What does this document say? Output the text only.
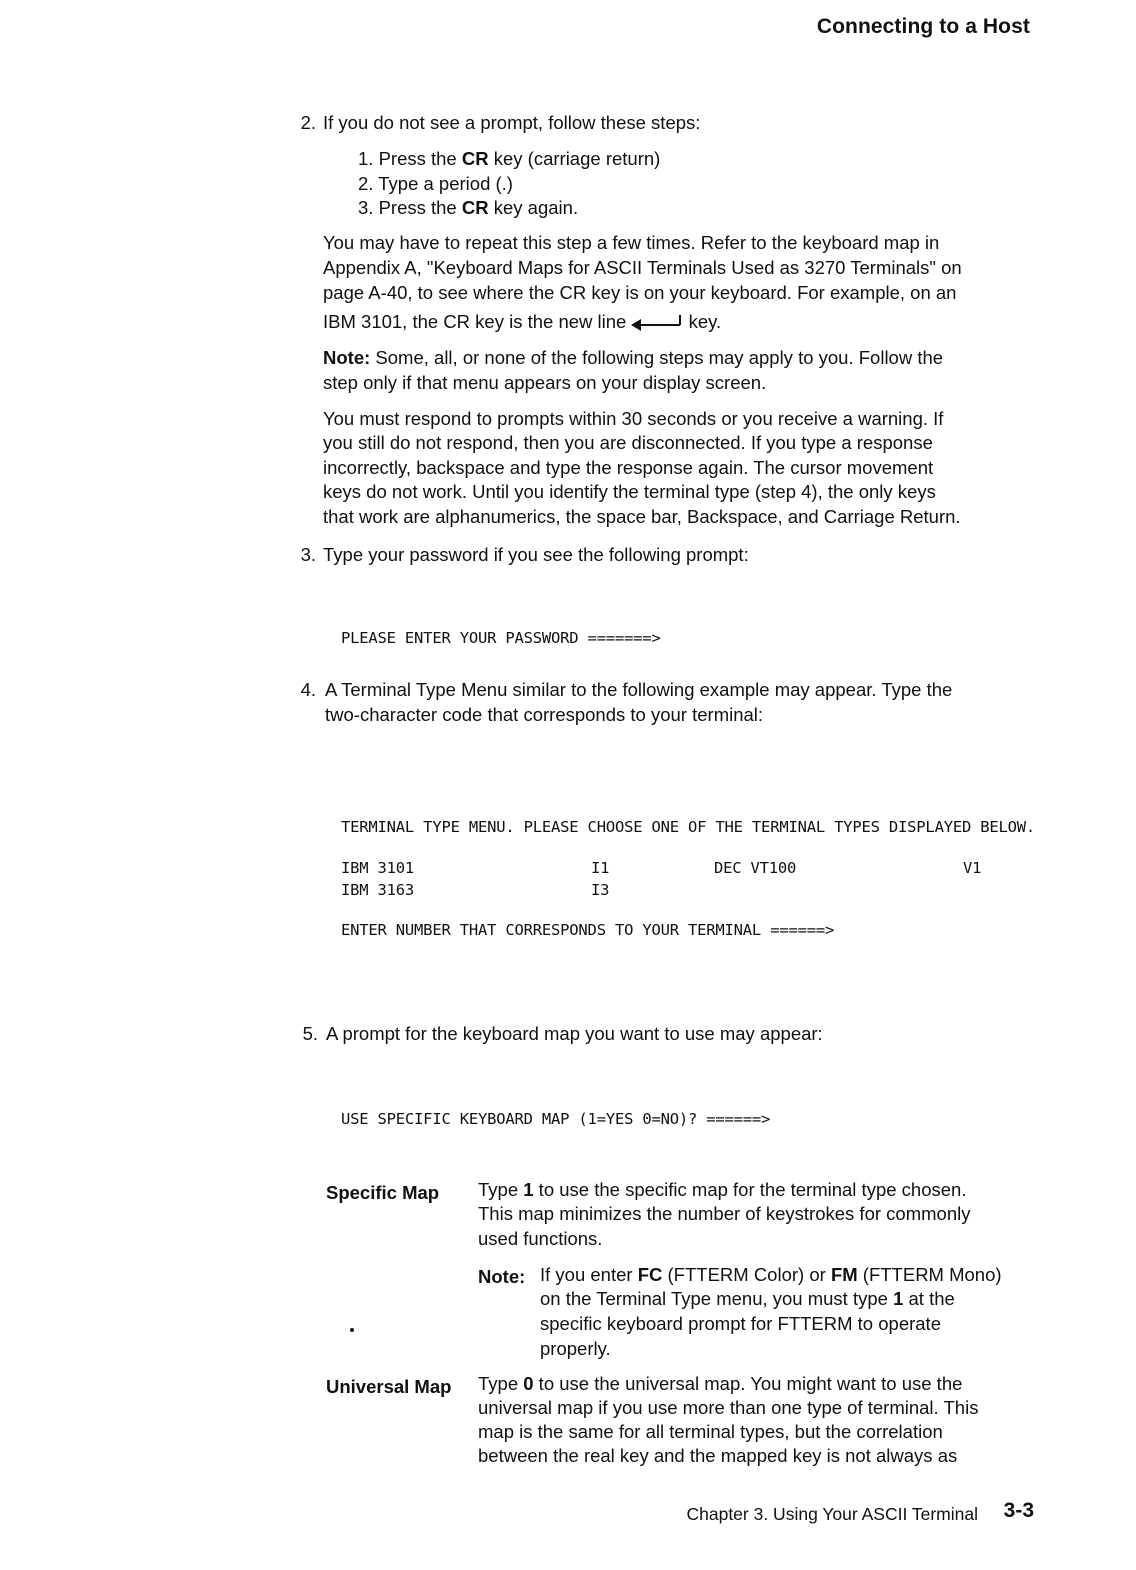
Connecting to a Host
2. If you do not see a prompt, follow these steps:
1. Press the CR key (carriage return)
2. Type a period (.)
3. Press the CR key again.
You may have to repeat this step a few times. Refer to the keyboard map in
Appendix A, "Keyboard Maps for ASCII Terminals Used as 3270 Terminals" on
page A-40, to see where the CR key is on your keyboard. For example, on an
IBM 3101, the CR key is the new line	key.
Note: Some, all, or none of the following steps may apply to you. Follow the
step only if that menu appears on your display screen.
You must respond to prompts within 30 seconds or you receive a warning. If
you still do not respond, then you are disconnected. If you type a response
incorrectly, backspace and type the response again. The cursor movement
keys do not work. Until you identify the terminal type (step 4), the only keys
that work are alphanumerics, the space bar, Backspace, and Carriage Return.
3. Type your password if you see the following prompt:
PLEASE ENTER YOUR PASSWORD =======>
4. A Terminal Type Menu similar to the following example may appear. Type the
two-character code that corresponds to your terminal:
TERMINAL TYPE MENU. PLEASE CHOOSE ONE OF THE TERMINAL TYPES DISPLAYED BELOW.
IBM 3101	I1	DEC VT100	V1
IBM 3163	I3
ENTER NUMBER THAT CORRESPONDS TO YOUR TERMINAL ======>
5. A prompt for the keyboard map you want to use may appear:
USE SPECIFIC KEYBOARD MAP (1=YES 0=NO)? ======>
Specific Map Type 1 to use the specific map for the terminal type chosen.
This map minimizes the number of keystrokes for commonly
used functions.
Note: If you enter FC (FTTERM Color) or FM (FTTERM Mono)
on the Terminal Type menu, you must type 1 at the
specific keyboard prompt for FTTERM to operate
properly.
Universal Map Type 0 to use the universal map. You might want to use the
universal map if you use more than one type of terminal. This
map is the same for all terminal types, but the correlation
between the real key and the mapped key is not always as
Chapter 3. Using Your ASCII Terminal 3-3
